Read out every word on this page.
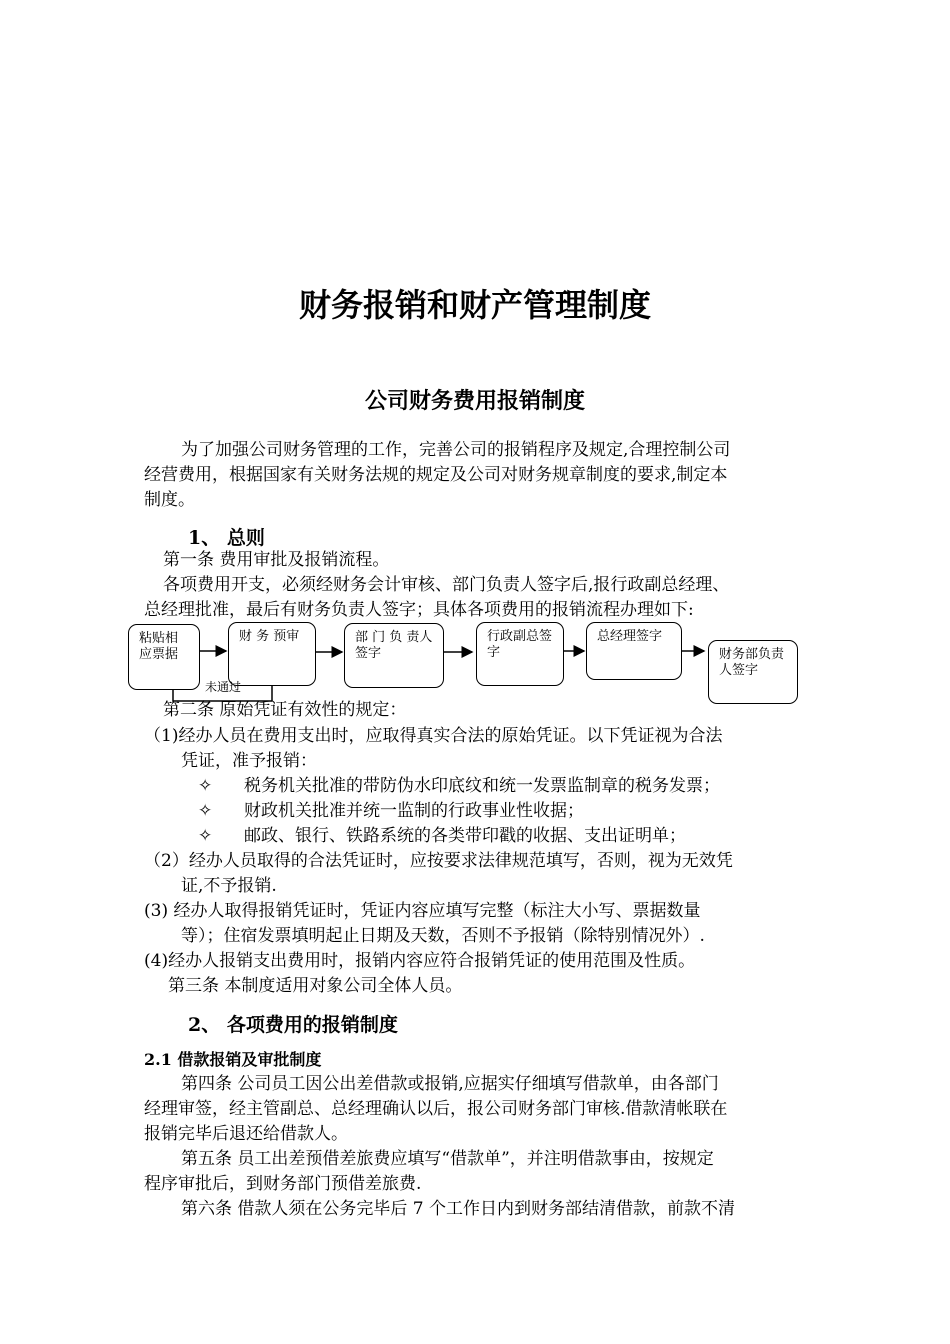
财务报销和财产管理制度
公司财务费用报销制度
为了加强公司财务管理的工作，完善公司的报销程序及规定,合理控制公司
经营费用，根据国家有关财务法规的规定及公司对财务规章制度的要求,制定本
制度。
1、 总则
第一条 费用审批及报销流程。
各项费用开支，必须经财务会计审核、部门负责人签字后,报行政副总经理、
总经理批准，最后有财务负责人签字；具体各项费用的报销流程办理如下:
粘贴相应票据
财 务 预审	部 门 负 责人签字
行政副总签字
总经理签字
财务部负责人签字
未通过
第二条 原始凭证有效性的规定：
（1)经办人员在费用支出时，应取得真实合法的原始凭证。以下凭证视为合法
凭证，准予报销：
✧ 税务机关批准的带防伪水印底纹和统一发票监制章的税务发票；
✧ 财政机关批准并统一监制的行政事业性收据；
✧ 邮政、银行、铁路系统的各类带印戳的收据、支出证明单；
（2）经办人员取得的合法凭证时，应按要求法律规范填写，否则，视为无效凭
证,不予报销.
(3) 经办人取得报销凭证时，凭证内容应填写完整（标注大小写、票据数量
等）；住宿发票填明起止日期及天数，否则不予报销（除特别情况外）.
(4)经办人报销支出费用时，报销内容应符合报销凭证的使用范围及性质。
第三条 本制度适用对象公司全体人员。
2、 各项费用的报销制度
2.1 借款报销及审批制度
第四条 公司员工因公出差借款或报销,应据实仔细填写借款单，由各部门
经理审签，经主管副总、总经理确认以后，报公司财务部门审核.借款清帐联在
报销完毕后退还给借款人。
第五条 员工出差预借差旅费应填写“借款单”，并注明借款事由，按规定
程序审批后，到财务部门预借差旅费.
第六条 借款人须在公务完毕后 7 个工作日内到财务部结清借款，前款不清
